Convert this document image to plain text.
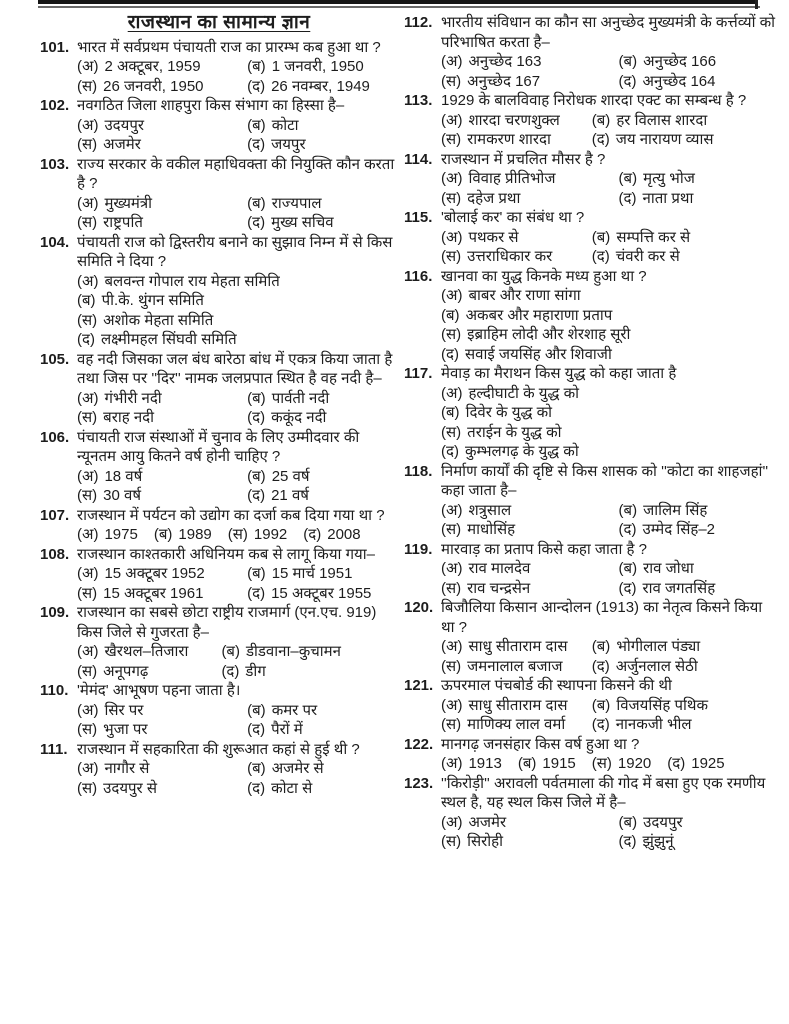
राजस्थान का सामान्य ज्ञान
101. भारत में सर्वप्रथम पंचायती राज का प्रारम्भ कब हुआ था ?
(अ) 2 अक्टूबर, 1959	(ब) 1 जनवरी, 1950
(स) 26 जनवरी, 1950	(द) 26 नवम्बर, 1949
102. नवगठित जिला शाहपुरा किस संभाग का हिस्सा है–
(अ) उदयपुर	(ब) कोटा
(स) अजमेर	(द) जयपुर
103. राज्य सरकार के वकील महाधिवक्ता की नियुक्ति कौन करता है ?
(अ) मुख्यमंत्री	(ब) राज्यपाल
(स) राष्ट्रपति	(द) मुख्य सचिव
104. पंचायती राज को द्विस्तरीय बनाने का सुझाव निम्न में से किस समिति ने दिया ?
(अ) बलवन्त गोपाल राय मेहता समिति
(ब) पी.के. थुंगन समिति
(स) अशोक मेहता समिति
(द) लक्ष्मीमहल सिंघवी समिति
105. वह नदी जिसका जल बंध बारेठा बांध में एकत्र किया जाता है तथा जिस पर ''दिर'' नामक जलप्रपात स्थित है वह नदी है–
(अ) गंभीरी नदी	(ब) पार्वती नदी
(स) बराह नदी	(द) ककूंद नदी
106. पंचायती राज संस्थाओं में चुनाव के लिए उम्मीदवार की न्यूनतम आयु कितने वर्ष होनी चाहिए ?
(अ) 18 वर्ष	(ब) 25 वर्ष
(स) 30 वर्ष	(द) 21 वर्ष
107. राजस्थान में पर्यटन को उद्योग का दर्जा कब दिया गया था ?
(अ) 1975 (ब) 1989 (स) 1992 (द) 2008
108. राजस्थान काश्तकारी अधिनियम कब से लागू किया गया–
(अ) 15 अक्टूबर 1952	(ब) 15 मार्च 1951
(स) 15 अक्टूबर 1961	(द) 15 अक्टूबर 1955
109. राजस्थान का सबसे छोटा राष्ट्रीय राजमार्ग (एन.एच. 919) किस जिले से गुजरता है–
(अ) खैरथल–तिजारा	(ब) डीडवाना–कुचामन
(स) अनूपगढ़	(द) डीग
110. 'मेमंद' आभूषण पहना जाता है।
(अ) सिर पर	(ब) कमर पर
(स) भुजा पर	(द) पैरों में
111. राजस्थान में सहकारिता की शुरूआत कहां से हुई थी ?
(अ) नागौर से	(ब) अजमेर से
(स) उदयपुर से	(द) कोटा से
112. भारतीय संविधान का कौन सा अनुच्छेद मुख्यमंत्री के कर्त्तव्यों को परिभाषित करता है–
(अ) अनुच्छेद 163	(ब) अनुच्छेद 166
(स) अनुच्छेद 167	(द) अनुच्छेद 164
113. 1929 के बालविवाह निरोधक शारदा एक्ट का सम्बन्ध है ?
(अ) शारदा चरणशुक्ल	(ब) हर विलास शारदा
(स) रामकरण शारदा	(द) जय नारायण व्यास
114. राजस्थान में प्रचलित मौसर है ?
(अ) विवाह प्रीतिभोज	(ब) मृत्यु भोज
(स) दहेज प्रथा	(द) नाता प्रथा
115. 'बोलाई कर' का संबंध था ?
(अ) पथकर से	(ब) सम्पत्ति कर से
(स) उत्तराधिकार कर	(द) चंवरी कर से
116. खानवा का युद्ध किनके मध्य हुआ था ?
(अ) बाबर और राणा सांगा
(ब) अकबर और महाराणा प्रताप
(स) इब्राहिम लोदी और शेरशाह सूरी
(द) सवाई जयसिंह और शिवाजी
117. मेवाड़ का मैराथन किस युद्ध को कहा जाता है
(अ) हल्दीघाटी के युद्ध को
(ब) दिवेर के युद्ध को
(स) तराईन के युद्ध को
(द) कुम्भलगढ़ के युद्ध को
118. निर्माण कार्यों की दृष्टि से किस शासक को ''कोटा का शाहजहां'' कहा जाता है–
(अ) शत्रुसाल	(ब) जालिम सिंह
(स) माधोसिंह	(द) उम्मेद सिंह–2
119. मारवाड़ का प्रताप किसे कहा जाता है ?
(अ) राव मालदेव	(ब) राव जोधा
(स) राव चन्द्रसेन	(द) राव जगतसिंह
120. बिजौलिया किसान आन्दोलन (1913) का नेतृत्व किसने किया था ?
(अ) साधु सीताराम दास	(ब) भोगीलाल पंड्या
(स) जमनालाल बजाज	(द) अर्जुनलाल सेठी
121. ऊपरमाल पंचबोर्ड की स्थापना किसने की थी
(अ) साधु सीताराम दास	(ब) विजयसिंह पथिक
(स) माणिक्य लाल वर्मा	(द) नानकजी भील
122. मानगढ़ जनसंहार किस वर्ष हुआ था ?
(अ) 1913 (ब) 1915 (स) 1920 (द) 1925
123. ''किरोड़ी'' अरावली पर्वतमाला की गोद में बसा हुए एक रमणीय स्थल है, यह स्थल किस जिले में है–
(अ) अजमेर	(ब) उदयपुर
(स) सिरोही	(द) झुंझुनूं
